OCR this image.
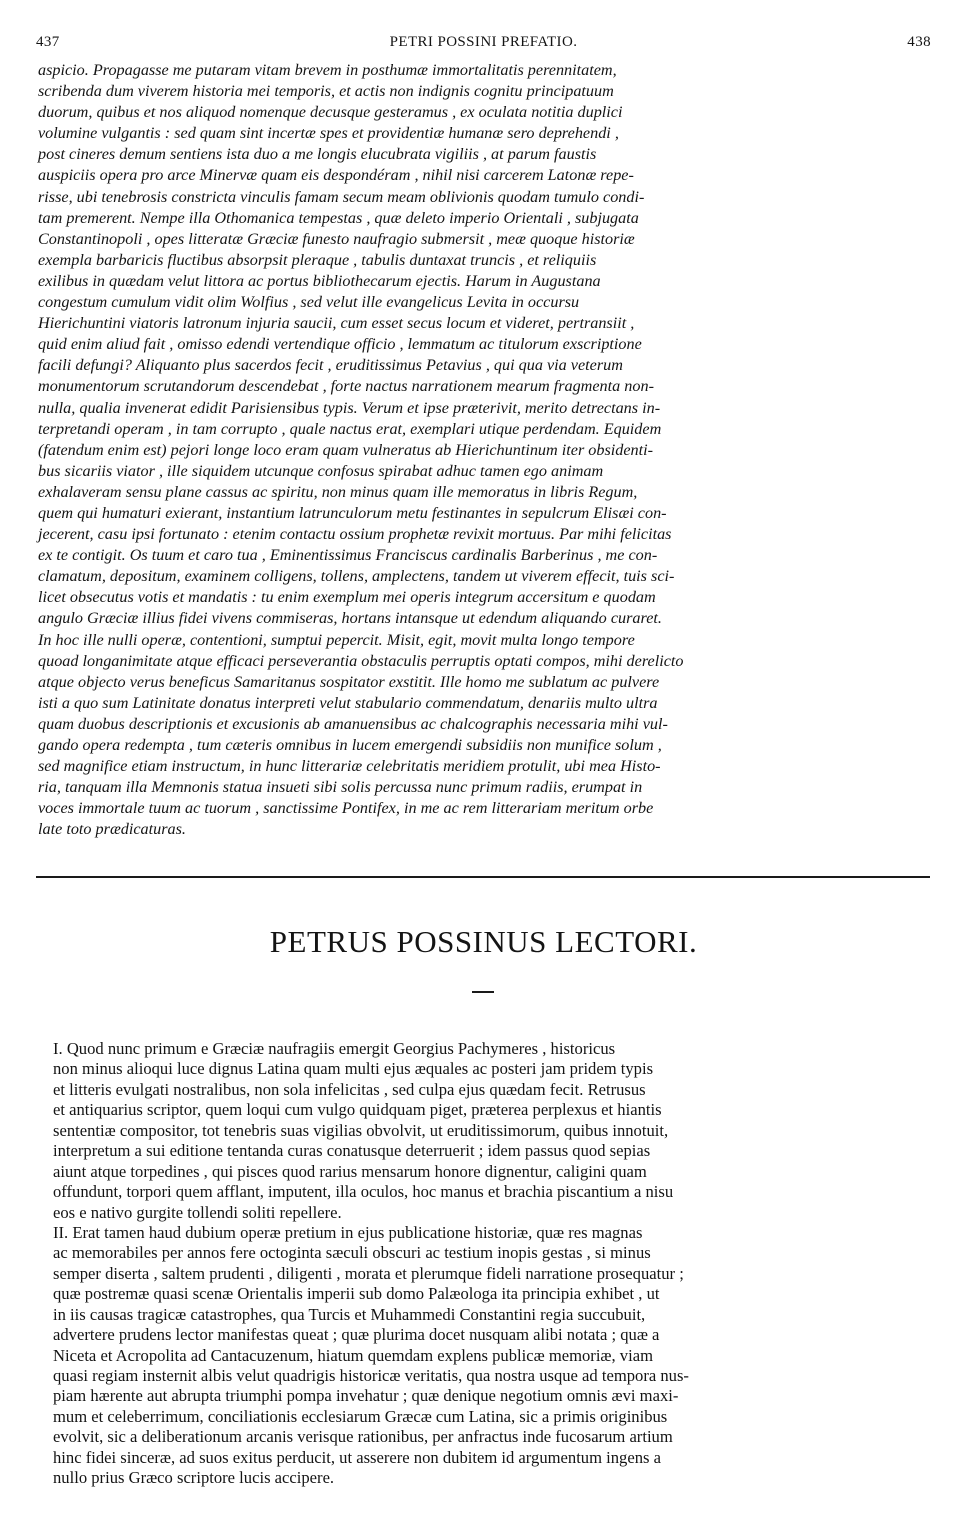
437	PETRI POSSINI PREFATIO.	438
aspicio. Propagasse me putaram vitam brevem in posthumæ immortalitatis perennitatem,
scribenda dum viverem historia mei temporis, et actis non indignis cognitu principatuum
duorum, quibus et nos aliquod nomenque decusque gesteramus , ex oculata notitia duplici
volumine vulgantis : sed quam sint incertæ spes et providentiæ humanæ sero deprehendi ,
post cineres demum sentiens ista duo a me longis elucubrata vigiliis , at parum faustis
auspiciis opera pro arce Minervæ quam eis despondéram , nihil nisi carcerem Latonæ repe-
risse, ubi tenebrosis constricta vinculis famam secum meam oblivionis quodam tumulo condi-
tam premerent. Nempe illa Othomanica tempestas , quæ deleto imperio Orientali , subjugata
Constantinopoli , opes litteratæ Græciæ funesto naufragio submersit , meæ quoque historiæ
exempla barbaricis fluctibus absorpsit pleraque , tabulis duntaxat truncis , et reliquiis
exilibus in quædam velut littora ac portus bibliothecarum ejectis. Harum in Augustana
congestum cumulum vidit olim Wolfius , sed velut ille evangelicus Levita in occursu
Hierichuntini viatoris latronum injuria saucii, cum esset secus locum et videret, pertransiit ,
quid enim aliud fait , omisso edendi vertendique officio , lemmatum ac titulorum exscriptione
facili defungi? Aliquanto plus sacerdos fecit , eruditissimus Petavius , qui qua via veterum
monumentorum scrutandorum descendebat , forte nactus narrationem mearum fragmenta non-
nulla, qualia invenerat edidit Parisiensibus typis. Verum et ipse præterivit, merito detrectans in-
terpretandi operam , in tam corrupto , quale nactus erat, exemplari utique perdendam. Equidem
(fatendum enim est) pejori longe loco eram quam vulneratus ab Hierichuntinum iter obsidenti-
bus sicariis viator , ille siquidem utcunque confosus spirabat adhuc tamen ego animam
exhalaveram sensu plane cassus ac spiritu, non minus quam ille memoratus in libris Regum,
quem qui humaturi exierant, instantium latrunculorum metu festinantes in sepulcrum Elisæi con-
jecerent, casu ipsi fortunato : etenim contactu ossium prophetæ revixit mortuus. Par mihi felicitas
ex te contigit. Os tuum et caro tua , Eminentissimus Franciscus cardinalis Barberinus , me con-
clamatum, depositum, examinem colligens, tollens, amplectens, tandem ut viverem effecit, tuis sci-
licet obsecutus votis et mandatis : tu enim exemplum mei operis integrum accersitum e quodam
angulo Græciæ illius fidei vivens commiseras, hortans intansque ut edendum aliquando curaret.
In hoc ille nulli operæ, contentioni, sumptui pepercit. Misit, egit, movit multa longo tempore
quoad longanimitate atque efficaci perseverantia obstaculis perruptis optati compos, mihi derelicto
atque objecto verus beneficus Samaritanus sospitator exstitit. Ille homo me sublatum ac pulvere
isti a quo sum Latinitate donatus interpreti velut stabulario commendatum, denariis multo ultra
quam duobus descriptionis et excusionis ab amanuensibus ac chalcographis necessaria mihi vul-
gando opera redempta , tum cæteris omnibus in lucem emergendi subsidiis non munifice solum ,
sed magnifice etiam instructum, in hunc litterariæ celebritatis meridiem protulit, ubi mea Histo-
ria, tanquam illa Memnonis statua insueti sibi solis percussa nunc primum radiis, erumpat in
voces immortale tuum ac tuorum , sanctissime Pontifex, in me ac rem litterariam meritum orbe
late toto prædicaturas.
PETRUS POSSINUS LECTORI.
I. Quod nunc primum e Græciæ naufragiis emergit Georgius Pachymeres , historicus
non minus alioqui luce dignus Latina quam multi ejus æquales ac posteri jam pridem typis
et litteris evulgati nostralibus, non sola infelicitas , sed culpa ejus quædam fecit. Retrusus
et antiquarius scriptor, quem loqui cum vulgo quidquam piget, præterea perplexus et hiantis
sententiæ compositor, tot tenebris suas vigilias obvolvit, ut eruditissimorum, quibus innotuit,
interpretum a sui editione tentanda curas conatusque deterruerit ; idem passus quod sepias
aiunt atque torpedines , qui pisces quod rarius mensarum honore dignentur, caligini quam
offundunt, torpori quem afflant, imputent, illa oculos, hoc manus et brachia piscantium a nisu
eos e nativo gurgite tollendi soliti repellere.
II. Erat tamen haud dubium operæ pretium in ejus publicatione historiæ, quæ res magnas
ac memorabiles per annos fere octoginta sæculi obscuri ac testium inopis gestas , si minus
semper diserta , saltem prudenti , diligenti , morata et plerumque fideli narratione prosequatur ;
quæ postremæ quasi scenæ Orientalis imperii sub domo Palæologa ita principia exhibet , ut
in iis causas tragicæ catastrophes, qua Turcis et Muhammedi Constantini regia succubuit,
advertere prudens lector manifestas queat ; quæ plurima docet nusquam alibi notata ; quæ a
Niceta et Acropolita ad Cantacuzenum, hiatum quemdam explens publicæ memoriæ, viam
quasi regiam insternit albis velut quadrigis historicæ veritatis, qua nostra usque ad tempora nus-
piam hærente aut abrupta triumphi pompa invehatur ; quæ denique negotium omnis ævi maxi-
mum et celeberrimum, conciliationis ecclesiarum Græcæ cum Latina, sic a primis originibus
evolvit, sic a deliberationum arcanis verisque rationibus, per anfractus inde fucosarum artium
hinc fidei sinceræ, ad suos exitus perducit, ut asserere non dubitem id argumentum ingens a
nullo prius Græco scriptore lucis accipere.
